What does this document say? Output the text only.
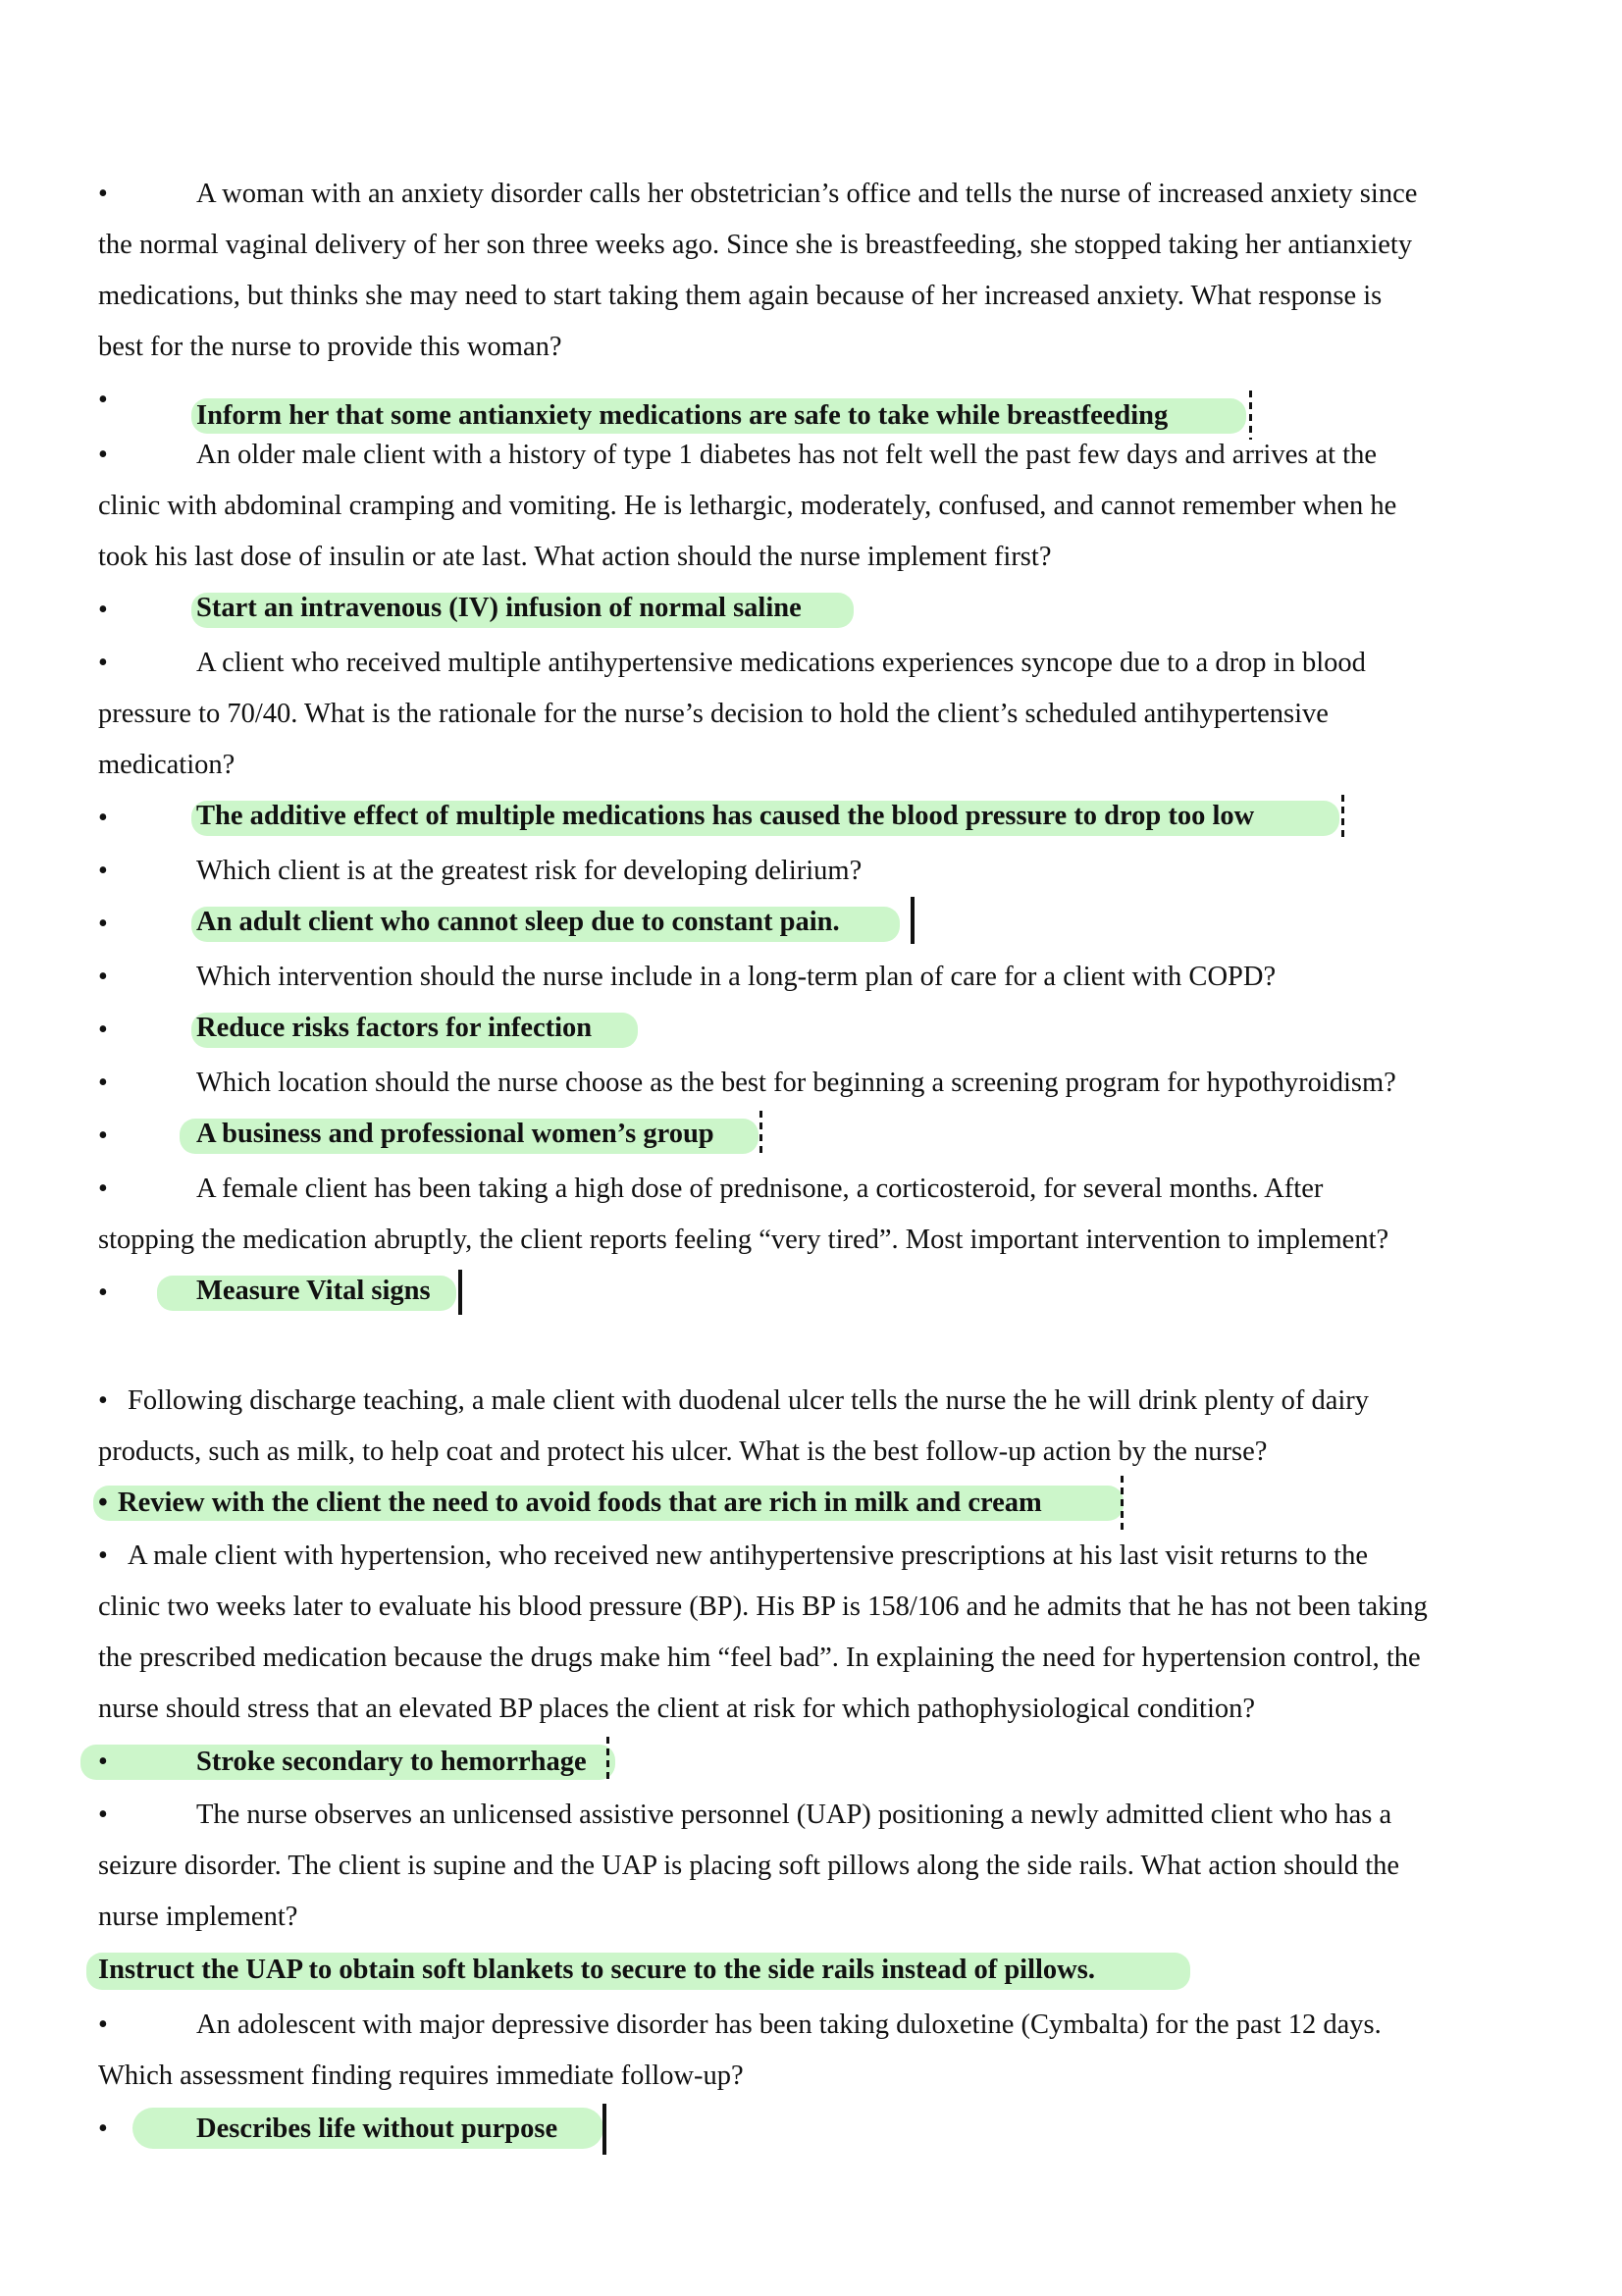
•	A woman with an anxiety disorder calls her obstetrician’s office and tells the nurse of increased anxiety since
the normal vaginal delivery of her son three weeks ago. Since she is breastfeeding, she stopped taking her antianxiety
medications, but thinks she may need to start taking them again because of her increased anxiety. What response is
best for the nurse to provide this woman?
•
Inform her that some antianxiety medications are safe to take while breastfeeding
•	An older male client with a history of type 1 diabetes has not felt well the past few days and arrives at the
clinic with abdominal cramping and vomiting. He is lethargic, moderately, confused, and cannot remember when he
took his last dose of insulin or ate last. What action should the nurse implement first?
•	Start an intravenous (IV) infusion of normal saline
•	A client who received multiple antihypertensive medications experiences syncope due to a drop in blood
pressure to 70/40. What is the rationale for the nurse’s decision to hold the client’s scheduled antihypertensive
medication?
•	The additive effect of multiple medications has caused the blood pressure to drop too low
•	Which client is at the greatest risk for developing delirium?
•	An adult client who cannot sleep due to constant pain.
•	Which intervention should the nurse include in a long-term plan of care for a client with COPD?
•	Reduce risks factors for infection
•	Which location should the nurse choose as the best for beginning a screening program for hypothyroidism?
•	A business and professional women’s group
•	A female client has been taking a high dose of prednisone, a corticosteroid, for several months. After
stopping the medication abruptly, the client reports feeling “very tired”. Most important intervention to implement?
•	Measure Vital signs
• Following discharge teaching, a male client with duodenal ulcer tells the nurse the he will drink plenty of dairy
products, such as milk, to help coat and protect his ulcer. What is the best follow-up action by the nurse?
• Review with the client the need to avoid foods that are rich in milk and cream
• A male client with hypertension, who received new antihypertensive prescriptions at his last visit returns to the
clinic two weeks later to evaluate his blood pressure (BP). His BP is 158/106 and he admits that he has not been taking
the prescribed medication because the drugs make him “feel bad”. In explaining the need for hypertension control, the
nurse should stress that an elevated BP places the client at risk for which pathophysiological condition?
•	Stroke secondary to hemorrhage
•	The nurse observes an unlicensed assistive personnel (UAP) positioning a newly admitted client who has a
seizure disorder. The client is supine and the UAP is placing soft pillows along the side rails. What action should the
nurse implement?
Instruct the UAP to obtain soft blankets to secure to the side rails instead of pillows.
•	An adolescent with major depressive disorder has been taking duloxetine (Cymbalta) for the past 12 days.
Which assessment finding requires immediate follow-up?
•	Describes life without purpose
